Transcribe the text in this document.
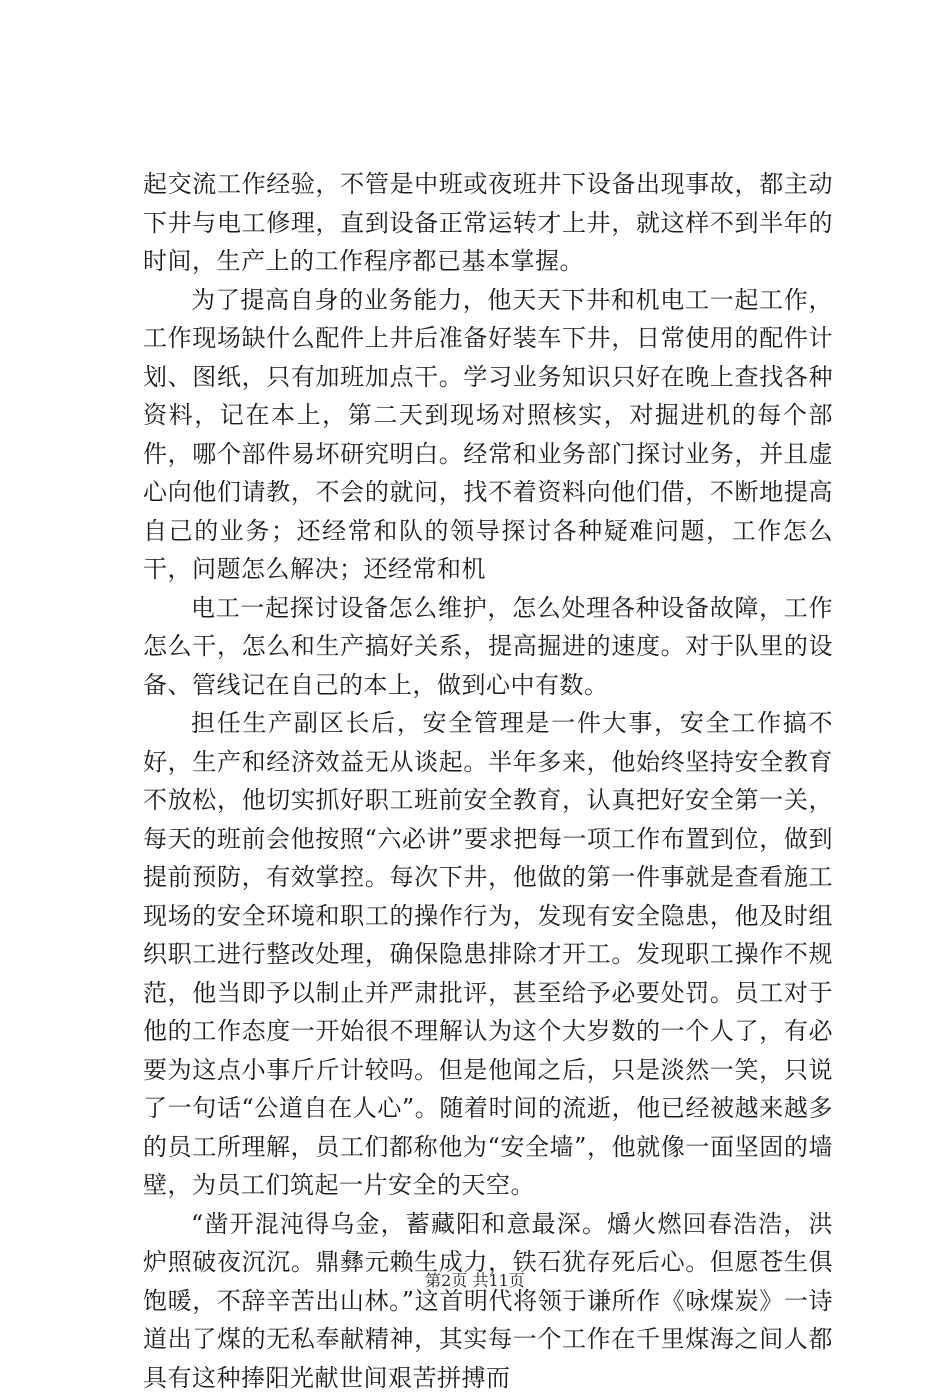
起交流工作经验，不管是中班或夜班井下设备出现事故，都主动下井与电工修理，直到设备正常运转才上井，就这样不到半年的时间，生产上的工作程序都已基本掌握。

为了提高自身的业务能力，他天天下井和机电工一起工作，工作现场缺什么配件上井后准备好装车下井，日常使用的配件计划、图纸，只有加班加点干。学习业务知识只好在晚上查找各种资料，记在本上，第二天到现场对照核实，对掘进机的每个部件，哪个部件易坏研究明白。经常和业务部门探讨业务，并且虚心向他们请教，不会的就问，找不着资料向他们借，不断地提高自己的业务；还经常和队的领导探讨各种疑难问题，工作怎么干，问题怎么解决；还经常和机

电工一起探讨设备怎么维护，怎么处理各种设备故障，工作怎么干，怎么和生产搞好关系，提高掘进的速度。对于队里的设备、管线记在自己的本上，做到心中有数。

担任生产副区长后，安全管理是一件大事，安全工作搞不好，生产和经济效益无从谈起。半年多来，他始终坚持安全教育不放松，他切实抓好职工班前安全教育，认真把好安全第一关，每天的班前会他按照“六必讲”要求把每一项工作布置到位，做到提前预防，有效掌控。每次下井，他做的第一件事就是查看施工现场的安全环境和职工的操作行为，发现有安全隐患，他及时组织职工进行整改处理，确保隐患排除才开工。发现职工操作不规范，他当即予以制止并严肃批评，甚至给予必要处罚。员工对于他的工作态度一开始很不理解认为这个大岁数的一个人了，有必要为这点小事斤斤计较吗。但是他闻之后，只是淡然一笑，只说了一句话“公道自在人心”。随着时间的流逝，他已经被越来越多的员工所理解，员工们都称他为“安全墙”，他就像一面坚固的墙壁，为员工们筑起一片安全的天空。

“凿开混沌得乌金，蓄藏阳和意最深。爝火燃回春浩浩，洪炉照破夜沉沉。鼎彝元赖生成力，铁石犹存死后心。但愿苍生俱饱暖，不辞辛苦出山林。”这首明代将领于谦所作《咏煤炭》一诗道出了煤的无私奉献精神，其实每一个工作在千里煤海之间人都具有这种捧阳光献世间艰苦拼搏而

第2页 共11页
